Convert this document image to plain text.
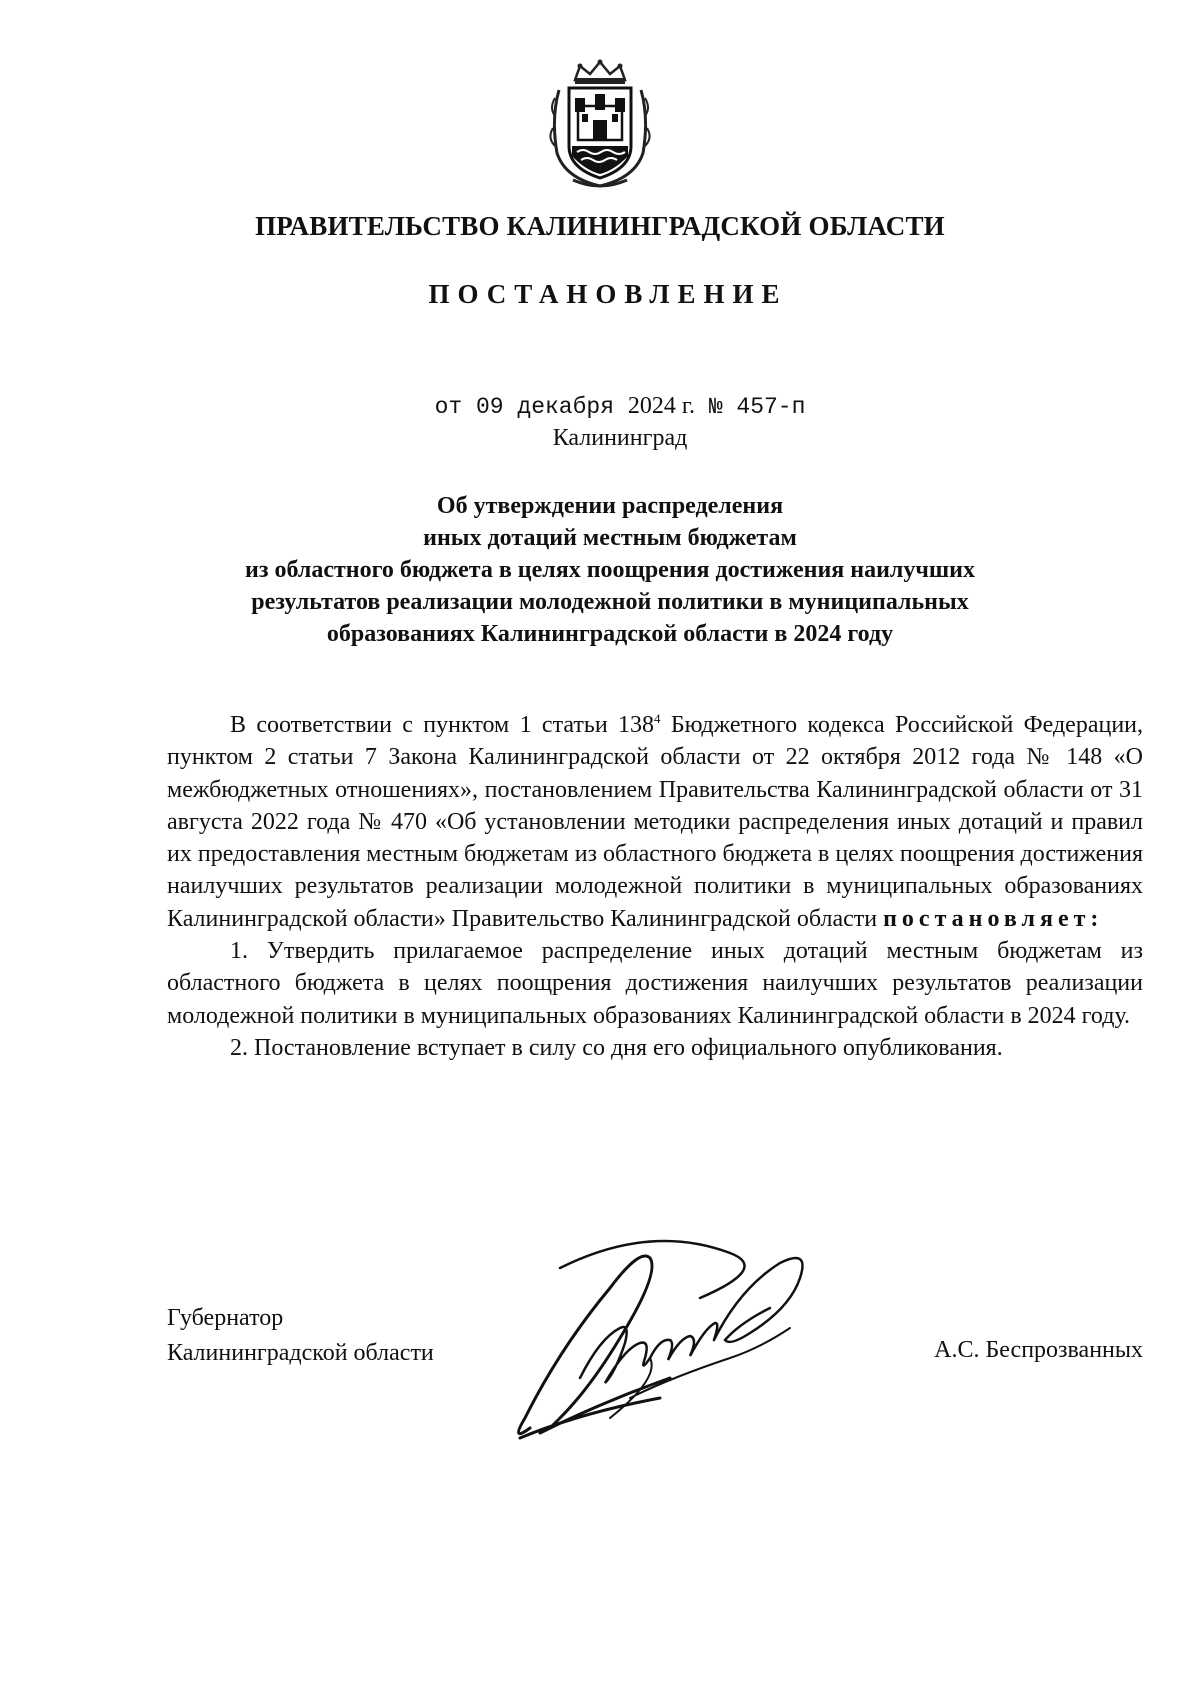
ПРАВИТЕЛЬСТВО КАЛИНИНГРАДСКОЙ ОБЛАСТИ
ПОСТАНОВЛЕНИЕ
от 09 декабря 2024 г. № 457-п
Калининград
Об утверждении распределения
иных дотаций местным бюджетам
из областного бюджета в целях поощрения достижения наилучших
результатов реализации молодежной политики в муниципальных
образованиях Калининградской области в 2024 году

В соответствии с пунктом 1 статьи $138^4$ Бюджетного кодекса Российской Федерации, пунктом 2 статьи 7 Закона Калининградской области от 22 октября 2012 года № 148 «О межбюджетных отношениях», постановлением Правительства Калининградской области от 31 августа 2022 года № 470 «Об установлении методики распределения иных дотаций и правил их предоставления местным бюджетам из областного бюджета в целях поощрения достижения наилучших результатов реализации молодежной политики в муниципальных образованиях Калининградской области» Правительство Калининградской области постановляет:

1. Утвердить прилагаемое распределение иных дотаций местным бюджетам из областного бюджета в целях поощрения достижения наилучших результатов реализации молодежной политики в муниципальных образованиях Калининградской области в 2024 году.

2. Постановление вступает в силу со дня его официального опубликования.

Губернатор
Калининградской области	А.С. Беспрозванных
